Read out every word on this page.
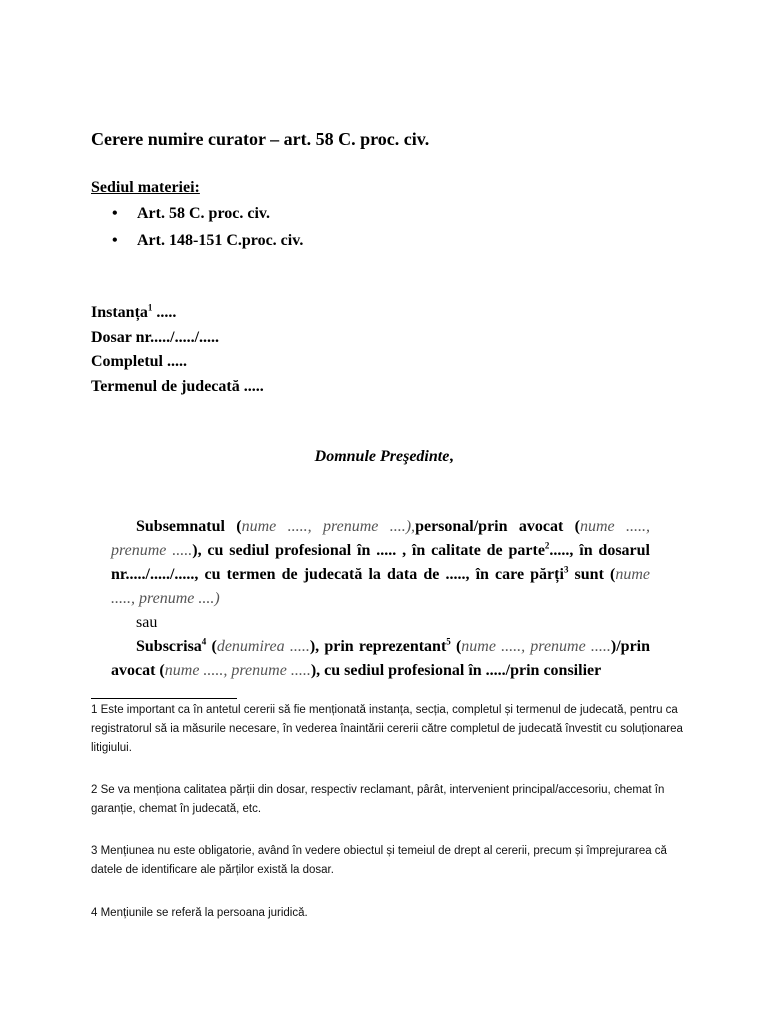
Cerere numire curator – art. 58 C. proc. civ.
Sediul materiei:
• Art. 58 C. proc. civ.
• Art. 148-151 C.proc. civ.
Instanța$^1$ .....
Dosar nr...../...../.....
Completul .....
Termenul de judecată .....
Domnule Preşedinte,
Subsemnatul (nume ....., prenume ....),personal/prin avocat (nume ....., prenume .....), cu sediul profesional în ..... , în calitate de parte$^2$....., în dosarul nr...../...../....., cu termen de judecată la data de ....., în care părți$^3$ sunt (nume ....., prenume ....)
sau
Subscrisa$^4$ (denumirea .....), prin reprezentant$^5$ (nume ....., prenume .....)/prin avocat (nume ....., prenume .....), cu sediul profesional în ...../prin consilier
1 Este important ca în antetul cererii să fie menționată instanța, secția, completul și termenul de judecată, pentru ca registratorul să ia măsurile necesare, în vederea înaintării cererii către completul de judecată învestit cu soluționarea litigiului.
2 Se va menționa calitatea părții din dosar, respectiv reclamant, pârât, intervenient principal/accesoriu, chemat în garanție, chemat în judecată, etc.
3 Mențiunea nu este obligatorie, având în vedere obiectul și temeiul de drept al cererii, precum și împrejurarea că datele de identificare ale părților există la dosar.
4 Mențiunile se referă la persoana juridică.
